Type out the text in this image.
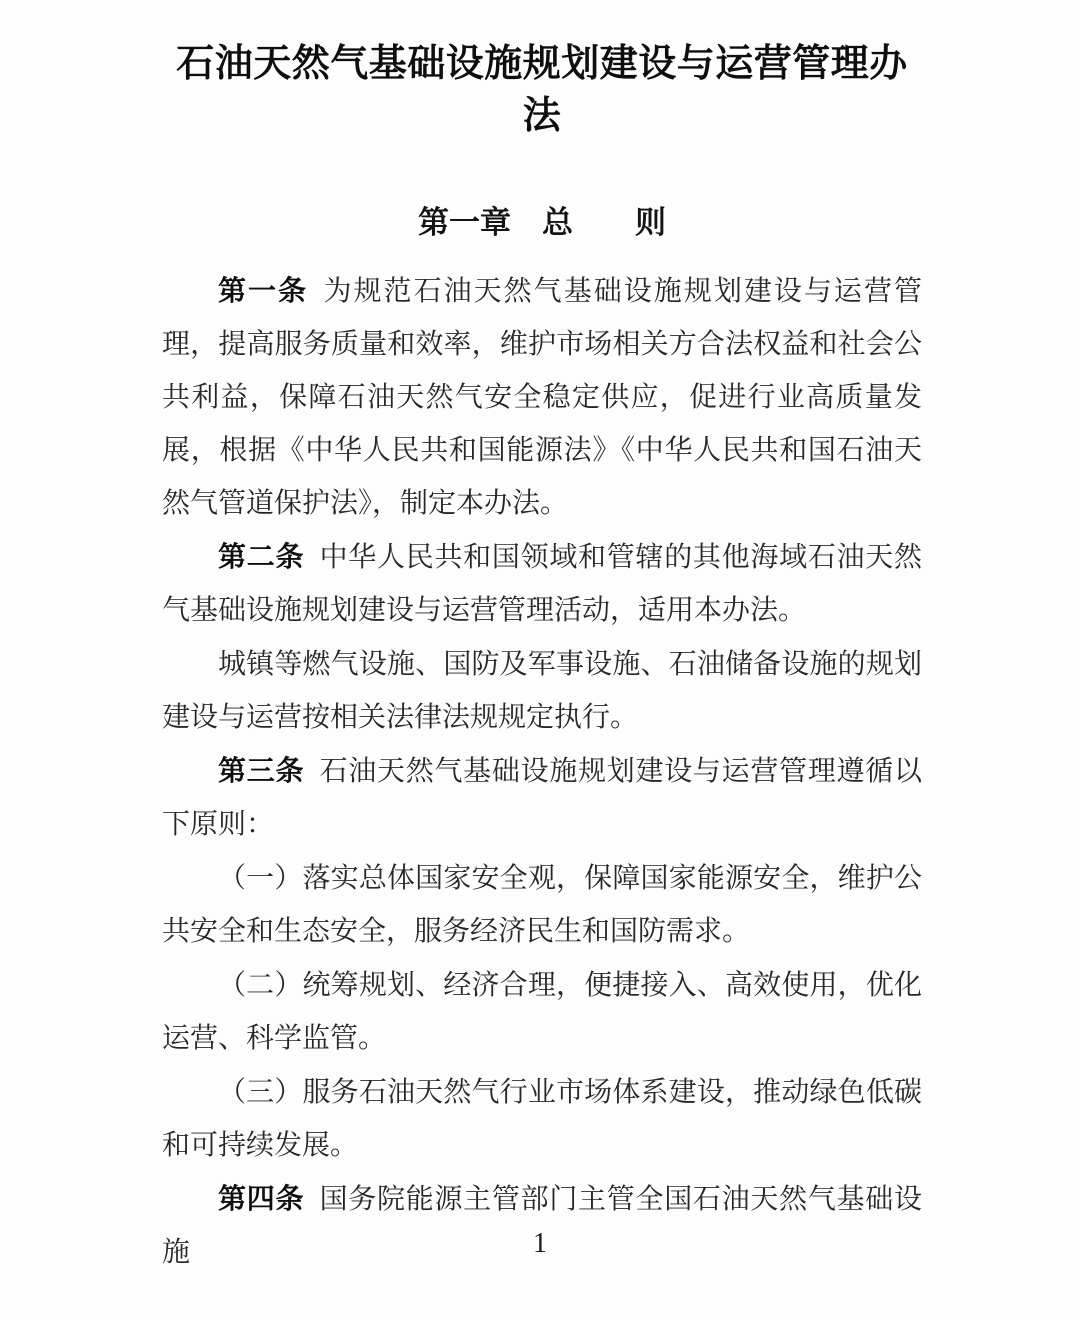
石油天然气基础设施规划建设与运营管理办法
第一章　总　　则

第一条 为规范石油天然气基础设施规划建设与运营管理，提高服务质量和效率，维护市场相关方合法权益和社会公共利益，保障石油天然气安全稳定供应，促进行业高质量发展，根据《中华人民共和国能源法》《中华人民共和国石油天然气管道保护法》，制定本办法。

第二条 中华人民共和国领域和管辖的其他海域石油天然气基础设施规划建设与运营管理活动，适用本办法。

城镇等燃气设施、国防及军事设施、石油储备设施的规划建设与运营按相关法律法规规定执行。

第三条 石油天然气基础设施规划建设与运营管理遵循以下原则：

（一）落实总体国家安全观，保障国家能源安全，维护公共安全和生态安全，服务经济民生和国防需求。

（二）统筹规划、经济合理，便捷接入、高效使用，优化运营、科学监管。

（三）服务石油天然气行业市场体系建设，推动绿色低碳和可持续发展。

第四条 国务院能源主管部门主管全国石油天然气基础设施	1
